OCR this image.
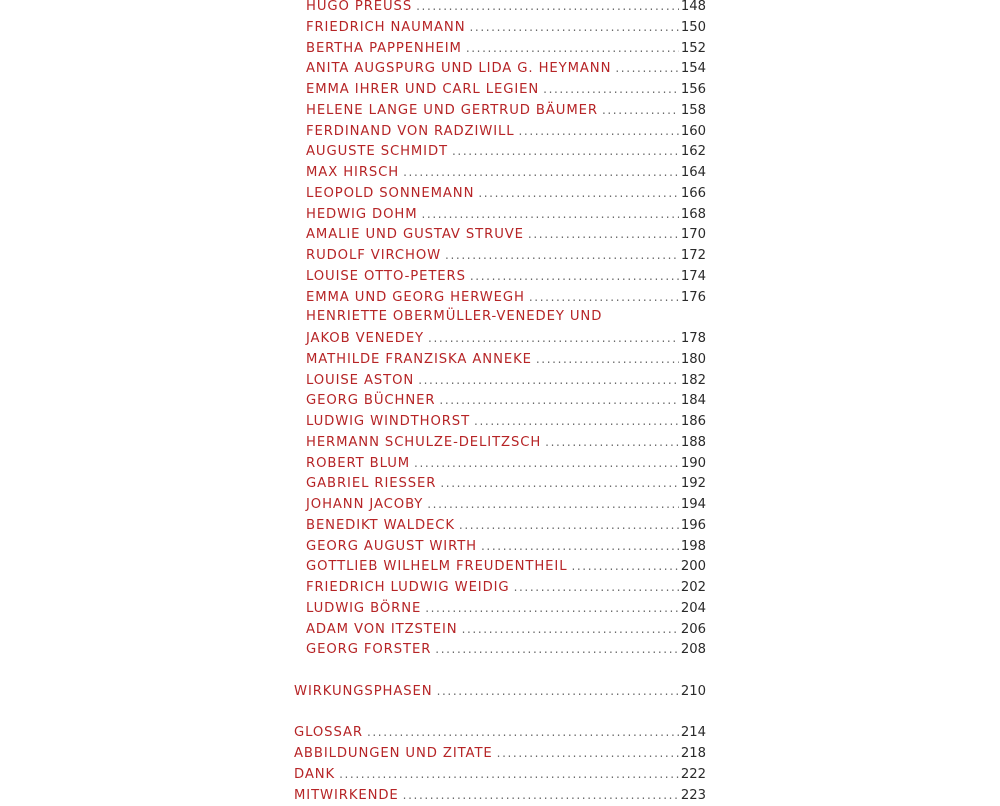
HUGO PREUSS . . .	148
FRIEDRICH NAUMANN . . .	150
BERTHA PAPPENHEIM . . .	152
ANITA AUGSPURG UND LIDA G. HEYMANN . . .	154
EMMA IHRER UND CARL LEGIEN . . .	156
HELENE LANGE UND GERTRUD BÄUMER . . .	158
FERDINAND VON RADZIWILL . . .	160
AUGUSTE SCHMIDT . . .	162
MAX HIRSCH . . .	164
LEOPOLD SONNEMANN . . .	166
HEDWIG DOHM . . .	168
AMALIE UND GUSTAV STRUVE . . .	170
RUDOLF VIRCHOW . . .	172
LOUISE OTTO-PETERS . . .	174
EMMA UND GEORG HERWEGH . . .	176
HENRIETTE OBERMÜLLER-VENEDEY UND
JAKOB VENEDEY . . .	178
MATHILDE FRANZISKA ANNEKE . . .	180
LOUISE ASTON . . .	182
GEORG BÜCHNER . . .	184
LUDWIG WINDTHORST . . .	186
HERMANN SCHULZE-DELITZSCH . . .	188
ROBERT BLUM . . .	190
GABRIEL RIESSER . . .	192
JOHANN JACOBY . . .	194
BENEDIKT WALDECK . . .	196
GEORG AUGUST WIRTH . . .	198
GOTTLIEB WILHELM FREUDENTHEIL . . .	200
FRIEDRICH LUDWIG WEIDIG . . .	202
LUDWIG BÖRNE . . .	204
ADAM VON ITZSTEIN . . .	206
GEORG FORSTER . . .	208
WIRKUNGSPHASEN . . .	210
GLOSSAR . . .	214
ABBILDUNGEN UND ZITATE . . .	218
DANK . . .	222
MITWIRKENDE . . .	223
